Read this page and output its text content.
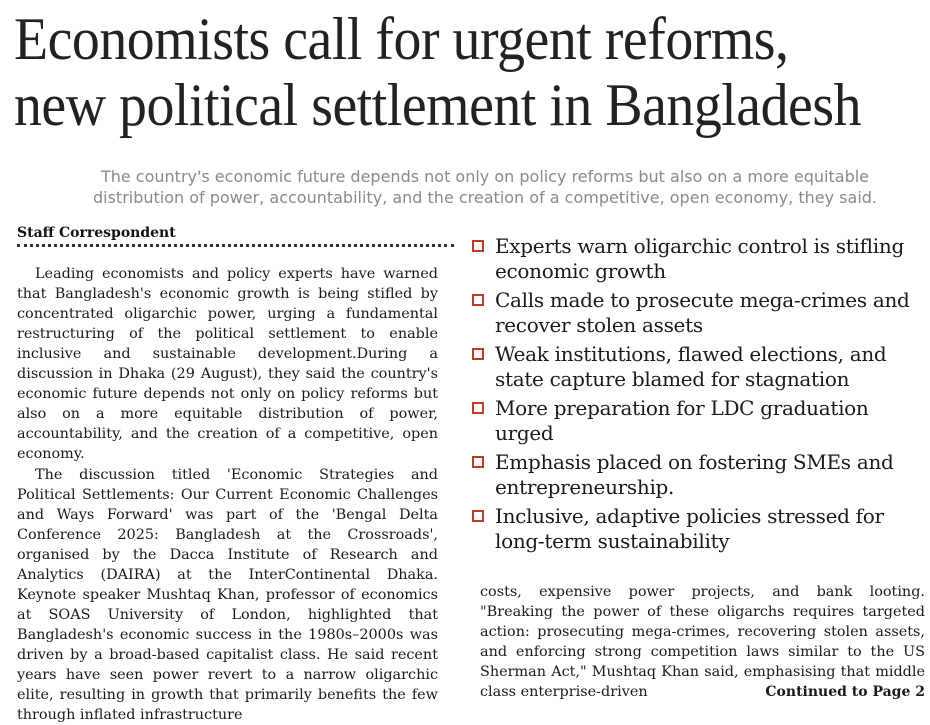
Economists call for urgent reforms,
new political settlement in Bangladesh
The country's economic future depends not only on policy reforms but also on a more equitable
distribution of power, accountability, and the creation of a competitive, open economy, they said.
Staff Correspondent

Leading economists and policy experts have warned that Bangladesh's economic growth is being stifled by concentrated oligarchic power, urging a fundamental restructuring of the political settlement to enable inclusive and sustainable development.During a discussion in Dhaka (29 August), they said the country's economic future depends not only on policy reforms but also on a more equitable distribution of power, accountability, and the creation of a competitive, open economy.

The discussion titled 'Economic Strategies and Political Settlements: Our Current Economic Challenges and Ways Forward' was part of the 'Bengal Delta Conference 2025: Bangladesh at the Crossroads', organised by the Dacca Institute of Research and Analytics (DAIRA) at the InterContinental Dhaka. Keynote speaker Mushtaq Khan, professor of economics at SOAS University of London, highlighted that Bangladesh's economic success in the 1980s–2000s was driven by a broad-based capitalist class. He said recent years have seen power revert to a narrow oligarchic elite, resulting in growth that primarily benefits the few through inflated infrastructure

Experts warn oligarchic control is stifling economic growth
Calls made to prosecute mega-crimes and recover stolen assets
Weak institutions, flawed elections, and state capture blamed for stagnation
More preparation for LDC graduation urged
Emphasis placed on fostering SMEs and entrepreneurship.
Inclusive, adaptive policies stressed for long-term sustainability

costs, expensive power projects, and bank looting. "Breaking the power of these oligarchs requires targeted action: prosecuting mega-crimes, recovering stolen assets, and enforcing strong competition laws similar to the US Sherman Act," Mushtaq Khan said, emphasising that middle class enterprise-driven	Continued to Page 2
